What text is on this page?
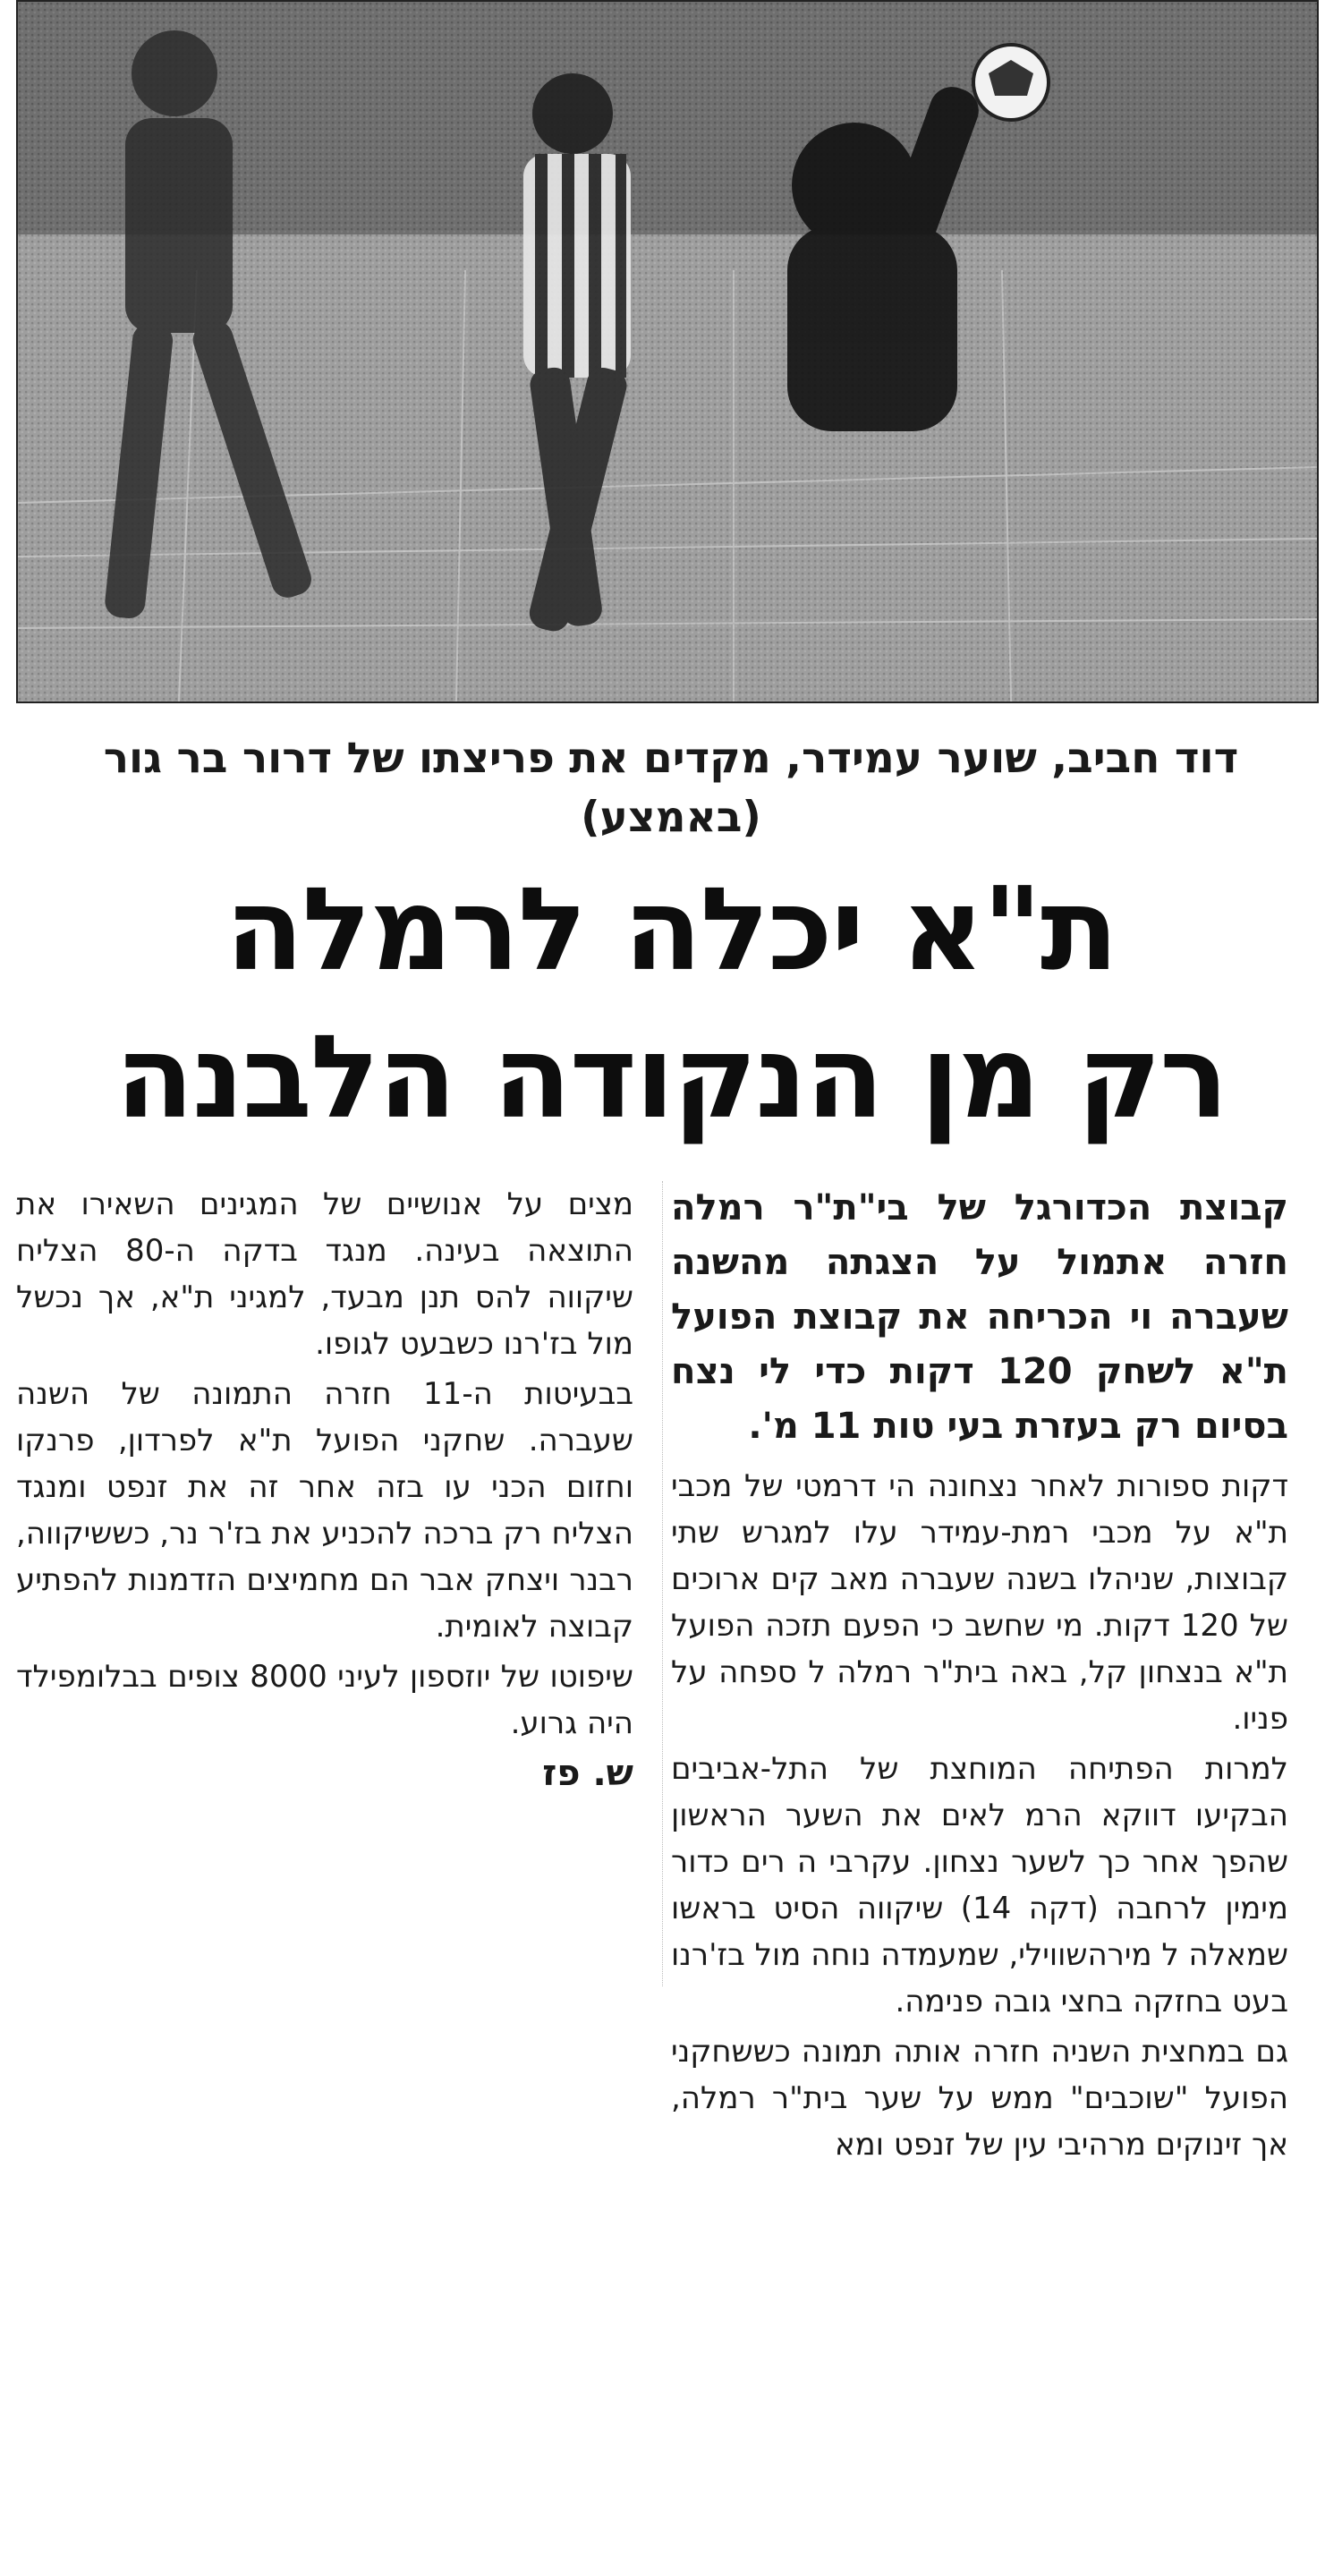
דוד חביב, שוער עמידר, מקדים את פריצתו של דרור בר גור (באמצע)
ת"א יכלה לרמלה
רק מן הנקודה הלבנה

קבוצת הכדורגל של בי"ת"ר רמלה חזרה אתמול על הצגתה מהשנה שעברה וי הכריחה את קבוצת הפועל ת"א לשחק 120 דקות כדי לי נצח בסיום רק בעזרת בעי טות 11 מ'.

דקות ספורות לאחר נצחונה הי דרמטי של מכבי ת"א על מכבי רמת-עמידר עלו למגרש שתי קבוצות, שניהלו בשנה שעברה מאב קים ארוכים של 120 דקות. מי שחשב כי הפעם תזכה הפועל ת"א בנצחון קל, באה בית"ר רמלה ל ספחה על פניו.

למרות הפתיחה המוחצת של התל-אביבים הבקיעו דווקא הרמ לאים את השער הראשון שהפך אחר כך לשער נצחון. עקרבי ה רים כדור מימין לרחבה (דקה 14) שיקווה הסיט בראשו שמאלה ל מירהשווילי, שמעמדה נוחה מול בז'רנו בעט בחזקה בחצי גובה פנימה.

גם במחצית השניה חזרה אותה תמונה כששחקני הפועל "שוכבים" ממש על שער בית"ר רמלה, אך זינוקים מרהיבי עין של זנפט ומא

מצים על אנושיים של המגינים השאירו את התוצאה בעינה. מנגד בדקה ה-80 הצליח שיקווה להס תנן מבעד, למגיני ת"א, אך נכשל מול בז'רנו כשבעט לגופו.

בבעיטות ה-11 חזרה התמונה של השנה שעברה. שחקני הפועל ת"א לפרדון, פרנקו וחזום הכני עו בזה אחר זה את זנפט ומנגד הצליח רק ברכה להכניע את בז'ר נר, כששיקווה, רבנר ויצחק אבר הם מחמיצים הזדמנות להפתיע קבוצה לאומית.

שיפוטו של יוזספון לעיני 8000 צופים בבלומפילד היה גרוע.

ש. פז
